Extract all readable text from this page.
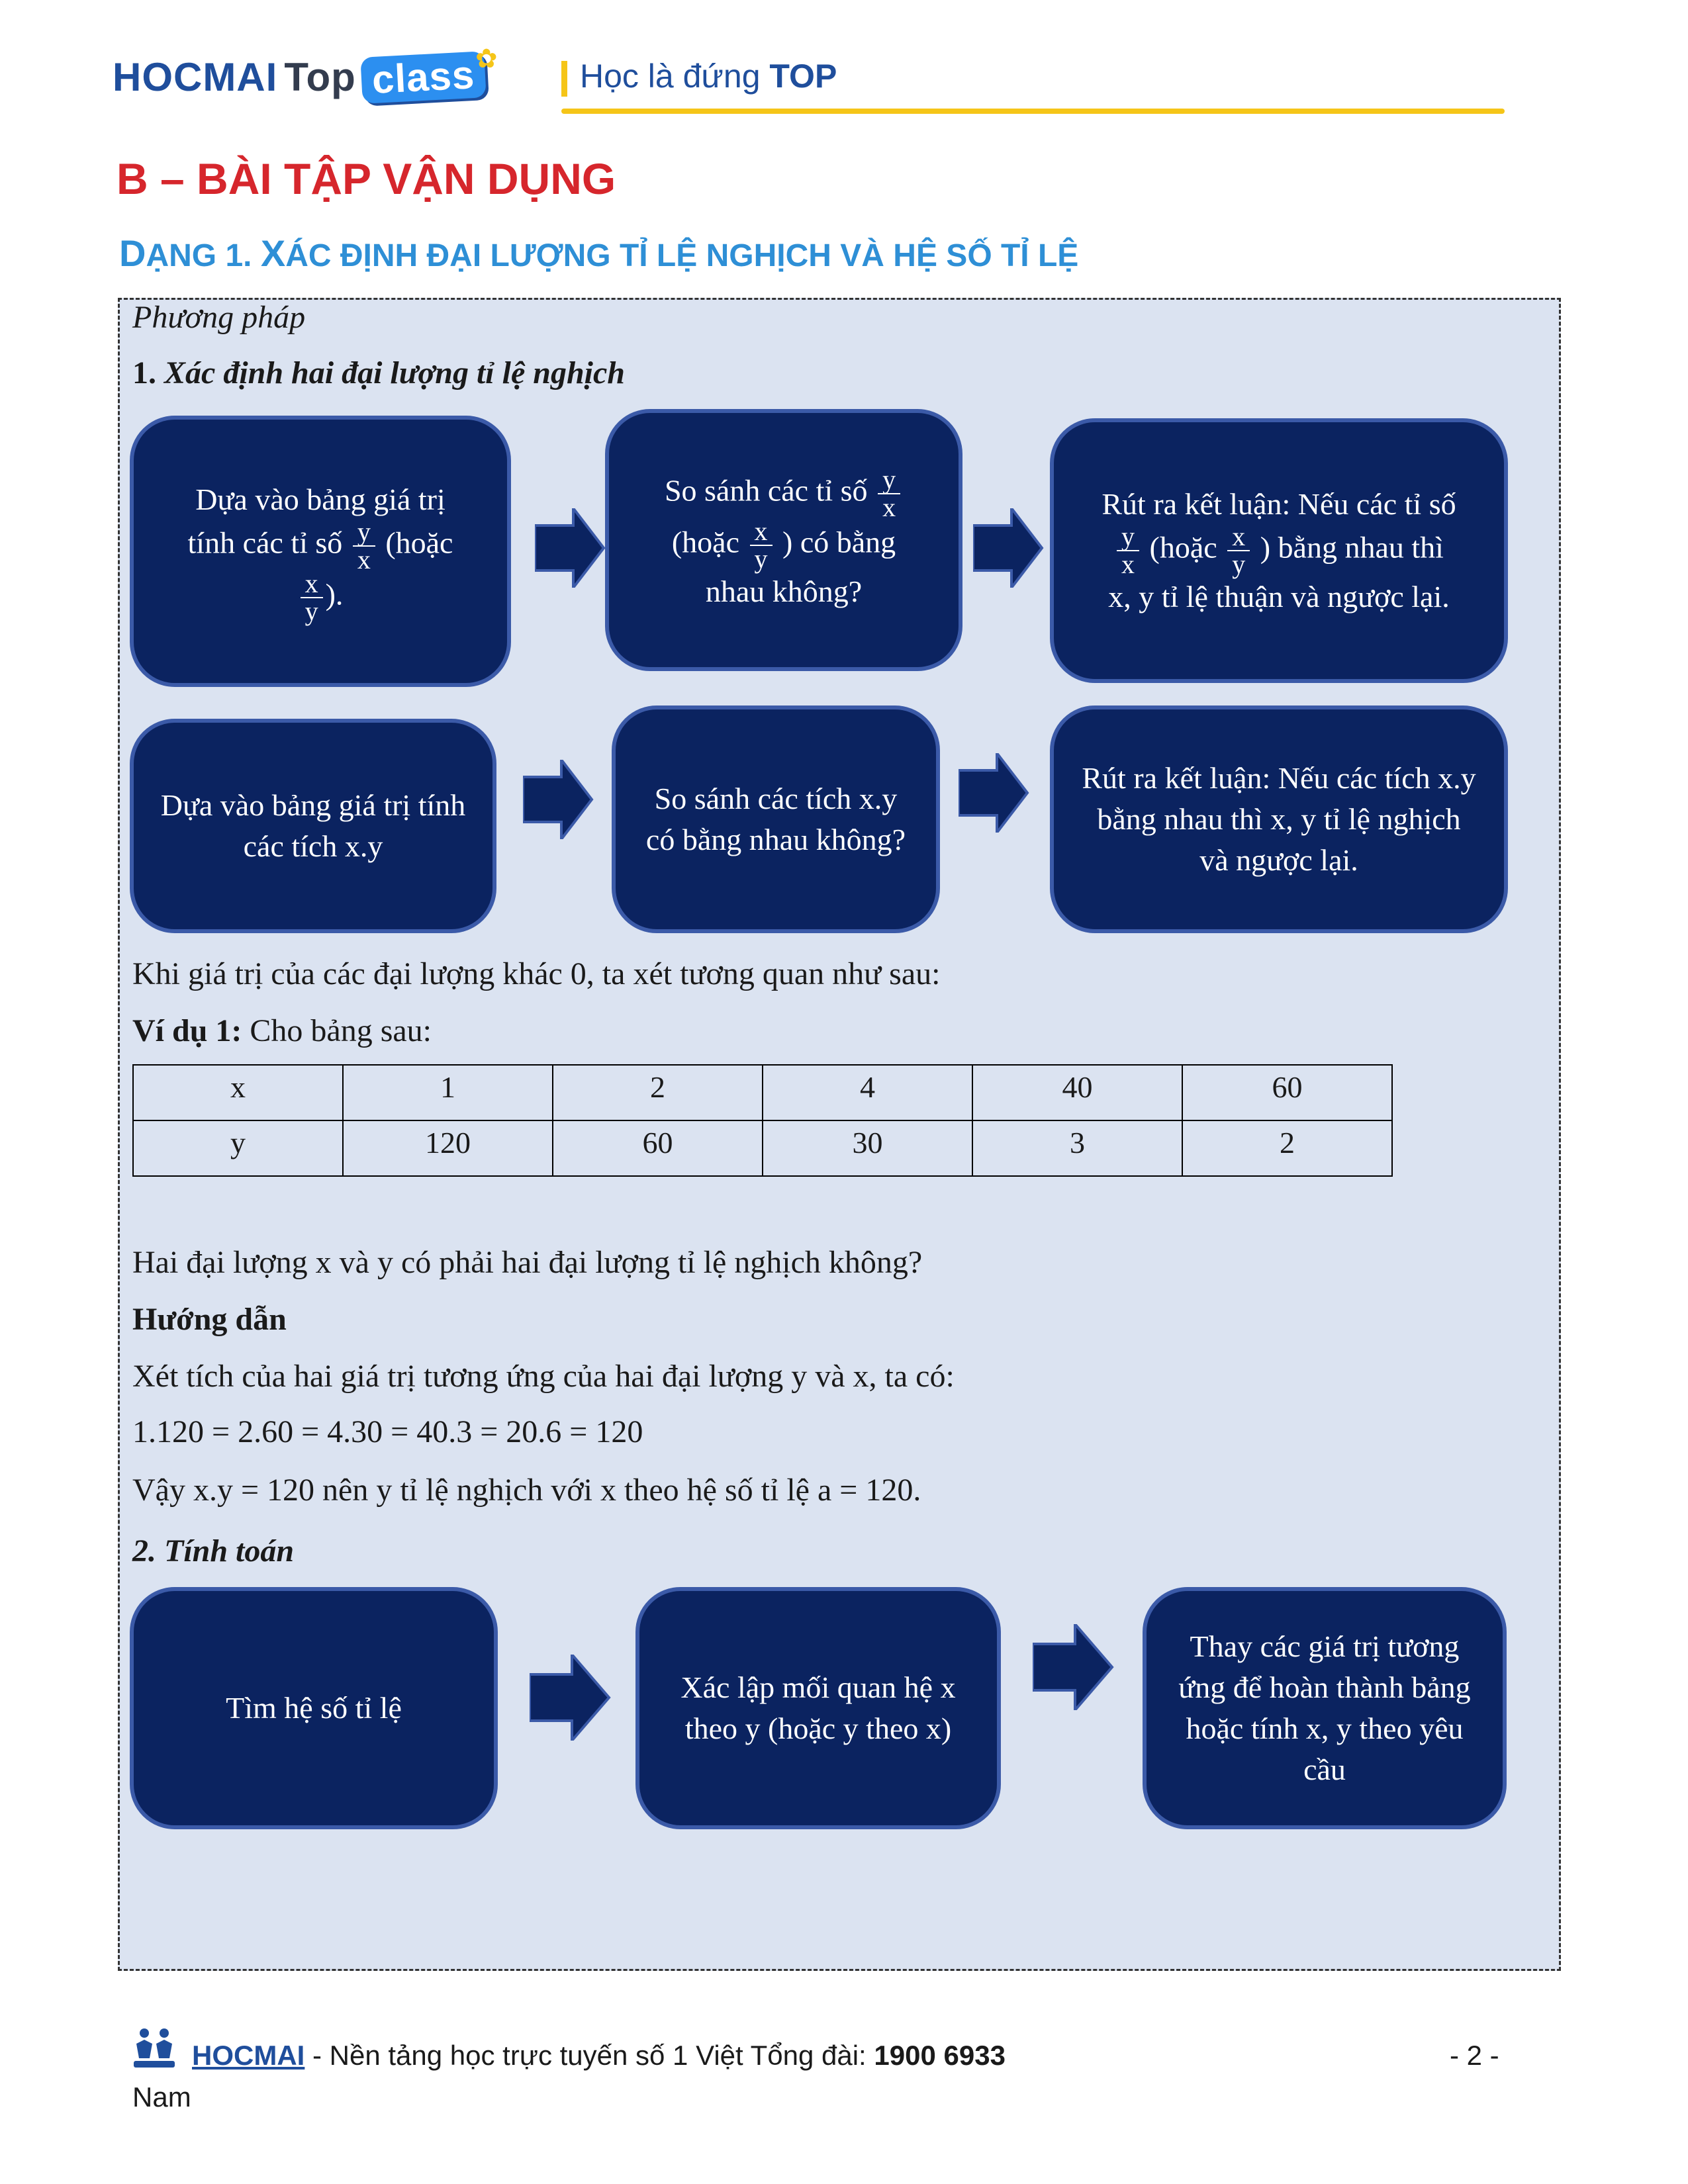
HOCMAI Top class ✿ Học là đứng TOP
B – BÀI TẬP VẬN DỤNG
DẠNG 1. XÁC ĐỊNH ĐẠI LƯỢNG TỈ LỆ NGHỊCH VÀ HỆ SỐ TỈ LỆ
Phương pháp
1. Xác định hai đại lượng tỉ lệ nghịch
Dựa vào bảng giá trị
tính các tỉ số $\frac{y}{x}$ (hoặc

$\frac{x}{y}$ ).
So sánh các tỉ số $\frac{y}{x}$

(hoặc $\frac{x}{y}$ ) có bằng
nhau không?
Rút ra kết luận: Nếu các tỉ số

$\frac{y}{x}$ (hoặc $\frac{x}{y}$ ) bằng nhau thì
x, y tỉ lệ thuận và ngược lại.
Dựa vào bảng giá trị tính các tích x.y
So sánh các tích x.y có bằng nhau không?
Rút ra kết luận: Nếu các tích x.y bằng nhau thì x, y tỉ lệ nghịch và ngược lại.
Khi giá trị của các đại lượng khác 0, ta xét tương quan như sau:
Ví dụ 1: Cho bảng sau:
x	1	2	4	40	60
y	120	60	30	3	2
Hai đại lượng x và y có phải hai đại lượng tỉ lệ nghịch không?
Hướng dẫn
Xét tích của hai giá trị tương ứng của hai đại lượng y và x, ta có:
1.120 = 2.60 = 4.30 = 40.3 = 20.6 = 120
Vậy x.y = 120 nên y tỉ lệ nghịch với x theo hệ số tỉ lệ a = 120.
2. Tính toán
Tìm hệ số tỉ lệ
Xác lập mối quan hệ x theo y (hoặc y theo x)
Thay các giá trị tương ứng để hoàn thành bảng hoặc tính x, y theo yêu cầu
HOCMAI - Nền tảng học trực tuyến số 1 Việt Tổng đài: 1900 6933
Nam
- 2 -
